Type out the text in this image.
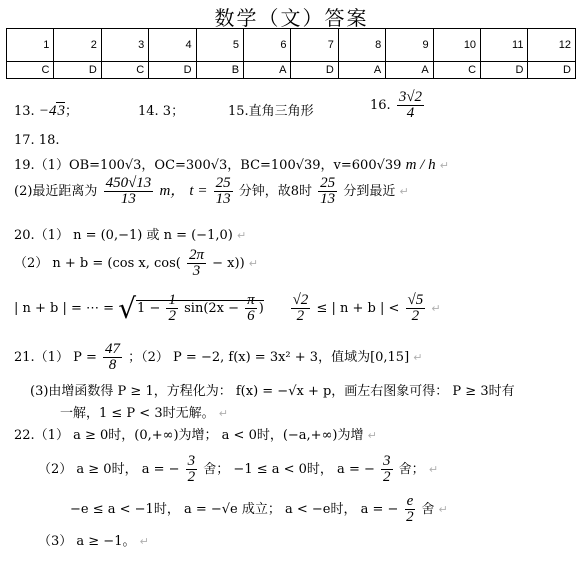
数学（文）答案
1	2	3	4	5	6	7	8	9	10	11	12
C	D	C	D	B	A	D	A	A	C	D	D
13. −43；	14. 3；	15.直角三角形	16. $\frac{3√2}{4}$
17. 18.
19.（1）OB=100√3，OC=300√3，BC=100√39，v=600√39 m / h ↵
(2)最近距离为 $\frac{450√13}{13}$ m， $t = \frac{25}{13}$ 分钟，故8时 $\frac{25}{13}$ 分到最近 ↵
20.（1） n = (0,−1) 或 n = (−1,0) ↵
（2） n + b = (cos x, $\cos( \frac{2\pi}{3} - x)$) ↵
| n + b | = ⋯ = $√1 - \frac{1}{2} \sin(2x - \frac{\pi}{6}$ ) $\frac{√2}{2}$ ≤ | n + b | < $\frac{√5}{2}$ ↵
21.（1） $P = \frac{47}{8}$ ；（2） P = −2, f(x) = 3x² + 3，值域为[0,15] ↵
(3)由增函数得 P ≥ 1，方程化为： f(x) = −√x + p，画左右图象可得： P ≥ 3时有
一解，1 ≤ P < 3时无解。 ↵
22.（1） a ≥ 0时，(0,+∞)为增； a < 0时，(−a,+∞)为增 ↵
（2） a ≥ 0时， a = − $\frac{3}{2}$ 舍； −1 ≤ a < 0时， a = − $\frac{3}{2}$ 舍； ↵
−e ≤ a < −1时， a = −√e 成立； a < −e时， a = − $\frac{e}{2}$ 舍 ↵
（3） a ≥ −1。 ↵
